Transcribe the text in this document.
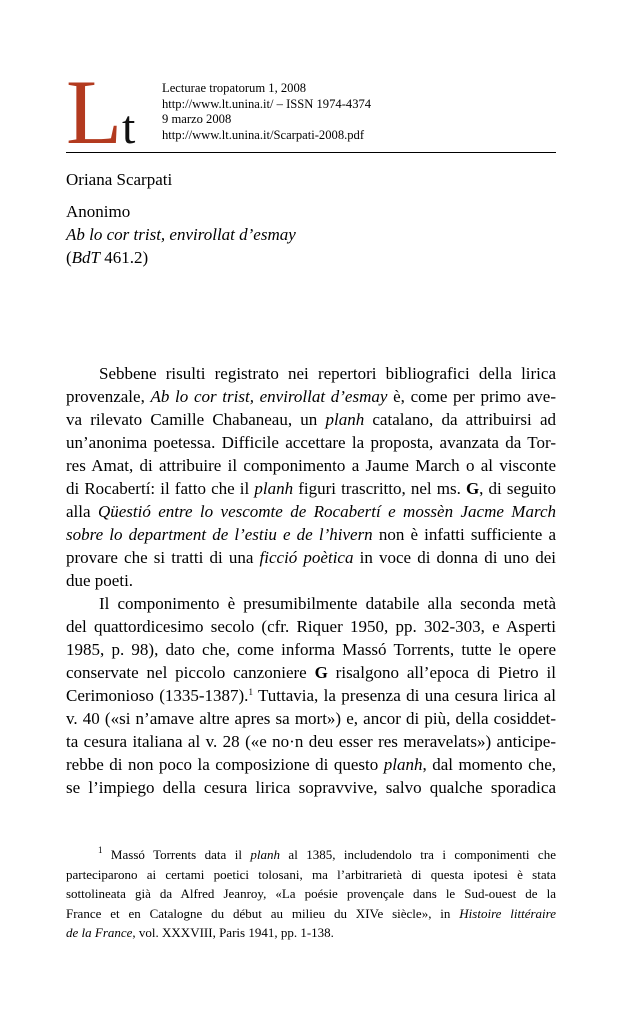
L t
Lecturae tropatorum 1, 2008
http://www.lt.unina.it/ – ISSN 1974-4374
9 marzo 2008
http://www.lt.unina.it/Scarpati-2008.pdf
Oriana Scarpati
Anonimo
Ab lo cor trist, envirollat d’esmay
(BdT 461.2)
Sebbene risulti registrato nei repertori bibliografici della lirica
provenzale, Ab lo cor trist, envirollat d’esmay è, come per primo ave-
va rilevato Camille Chabaneau, un planh catalano, da attribuirsi ad
un’anonima poetessa. Difficile accettare la proposta, avanzata da Tor-
res Amat, di attribuire il componimento a Jaume March o al visconte
di Rocabertí: il fatto che il planh figuri trascritto, nel ms. G, di seguito
alla Qüestió entre lo vescomte de Rocabertí e mossèn Jacme March
sobre lo department de l’estiu e de l’hivern non è infatti sufficiente a
provare che si tratti di una ficció poètica in voce di donna di uno dei
due poeti.
Il componimento è presumibilmente databile alla seconda metà
del quattordicesimo secolo (cfr. Riquer 1950, pp. 302-303, e Asperti
1985, p. 98), dato che, come informa Massó Torrents, tutte le opere
conservate nel piccolo canzoniere G risalgono all’epoca di Pietro il
Cerimonioso (1335-1387).$^1$ Tuttavia, la presenza di una cesura lirica al
v. 40 («si n’amave altre apres sa mort») e, ancor di più, della cosiddet-
ta cesura italiana al v. 28 («e no·n deu esser res meravelats») anticipe-
rebbe di non poco la composizione di questo planh, dal momento che,
se l’impiego della cesura lirica sopravvive, salvo qualche sporadica
$^1$ Massó Torrents data il planh al 1385, includendolo tra i componimenti che
parteciparono ai certami poetici tolosani, ma l’arbitrarietà di questa ipotesi è stata
sottolineata già da Alfred Jeanroy, «La poésie provençale dans le Sud-ouest de la
France et en Catalogne du début au milieu du XIVe siècle», in Histoire littéraire
de la France, vol. XXXVIII, Paris 1941, pp. 1-138.
